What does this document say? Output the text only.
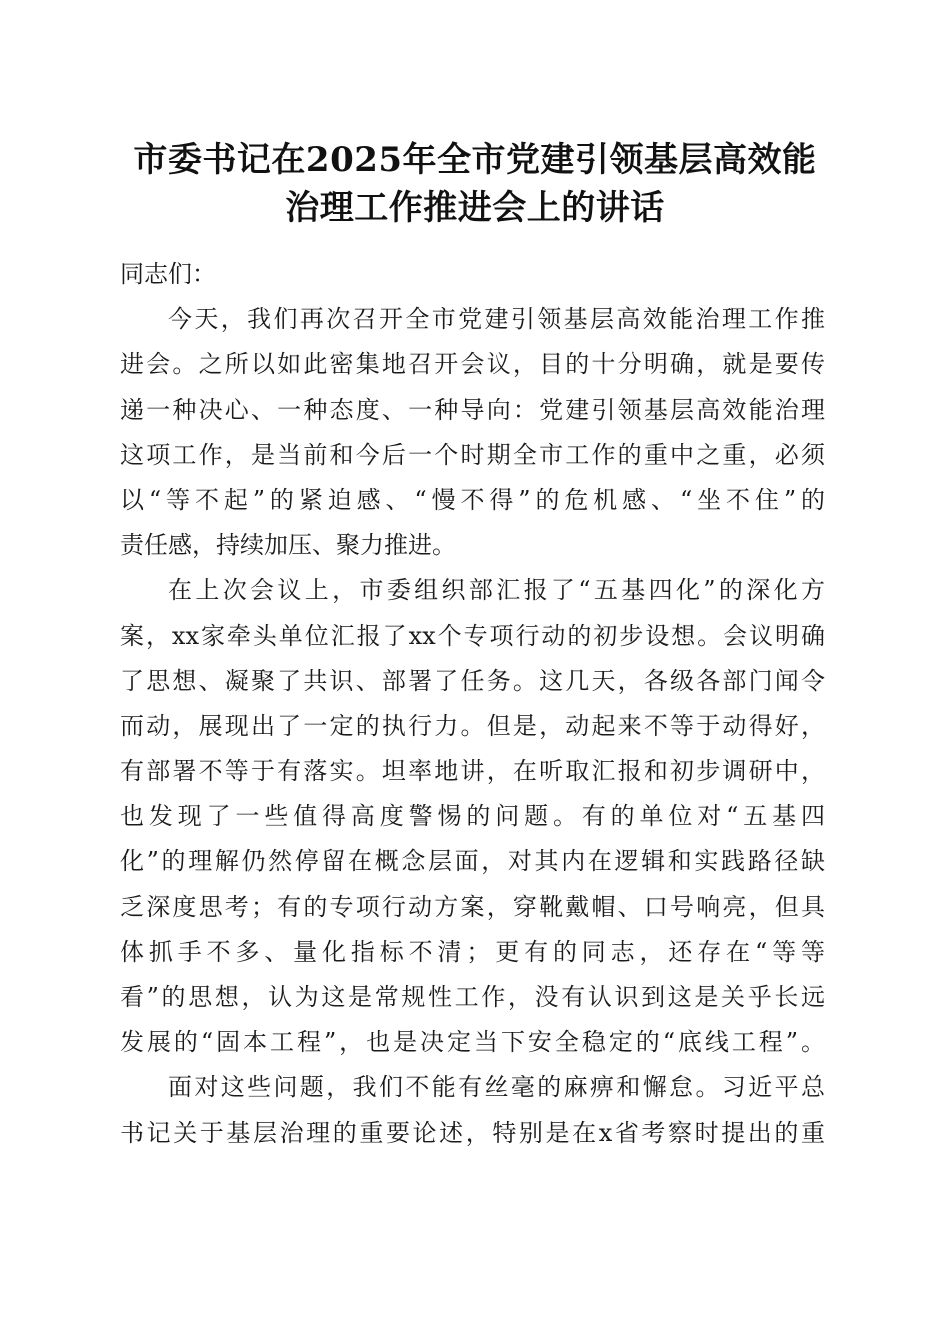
市委书记在2025年全市党建引领基层高效能
治理工作推进会上的讲话

同志们：

今天，我们再次召开全市党建引领基层高效能治理工作推
进会。之所以如此密集地召开会议，目的十分明确，就是要传
递一种决心、一种态度、一种导向：党建引领基层高效能治理
这项工作，是当前和今后一个时期全市工作的重中之重，必须
以“等不起”的紧迫感、“慢不得”的危机感、“坐不住”的
责任感，持续加压、聚力推进。
在上次会议上，市委组织部汇报了“五基四化”的深化方
案，xx家牵头单位汇报了xx个专项行动的初步设想。会议明确
了思想、凝聚了共识、部署了任务。这几天，各级各部门闻令
而动，展现出了一定的执行力。但是，动起来不等于动得好，
有部署不等于有落实。坦率地讲，在听取汇报和初步调研中，
也发现了一些值得高度警惕的问题。有的单位对“五基四
化”的理解仍然停留在概念层面，对其内在逻辑和实践路径缺
乏深度思考；有的专项行动方案，穿靴戴帽、口号响亮，但具
体抓手不多、量化指标不清；更有的同志，还存在“等等
看”的思想，认为这是常规性工作，没有认识到这是关乎长远
发展的“固本工程”，也是决定当下安全稳定的“底线工程”。
面对这些问题，我们不能有丝毫的麻痹和懈怠。习近平总
书记关于基层治理的重要论述，特别是在x省考察时提出的重
